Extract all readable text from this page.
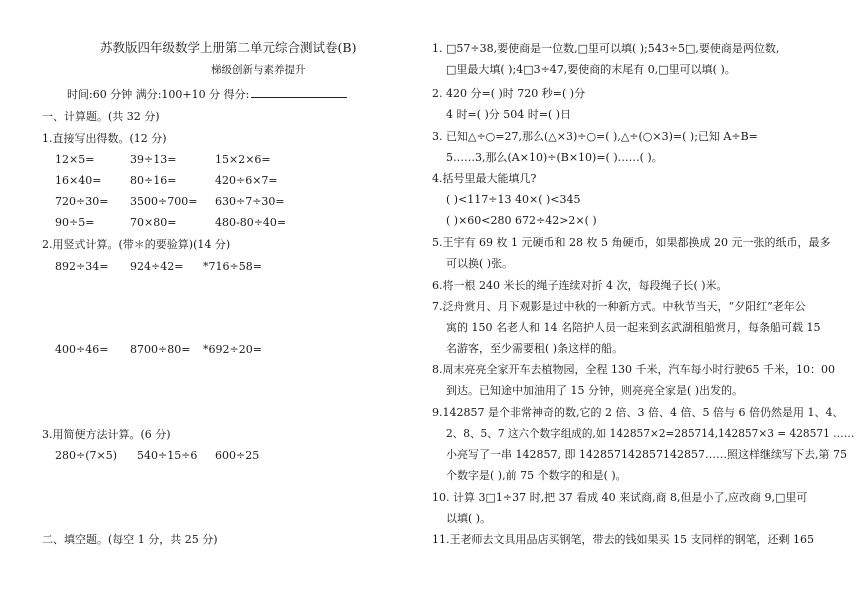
苏教版四年级数学上册第二单元综合测试卷(B)
梯级创新与素养提升
时间:60 分钟 满分:100+10 分 得分:
一、计算题。(共 32 分)
1.直接写出得数。(12 分)
12×5=	39÷13=	15×2×6=
16×40=	80÷16=	420÷6×7=
720÷30= 3500÷700= 630÷7÷30=
90÷5=	70×80=	480-80÷40=
2.用竖式计算。(带＊的要验算)(14 分)
892÷34= 924÷42= *716÷58=
400÷46= 8700÷80= *692÷20=
3.用简便方法计算。(6 分)
280÷(7×5) 540÷15÷6 600÷25
二、填空题。(每空 1 分，共 25 分)
1. □57÷38,要使商是一位数,□里可以填( );543÷5□,要使商是两位数,
□里最大填( );4□3÷47,要使商的末尾有 0,□里可以填( )。
2. 420 分=( )时 720 秒=( )分
4 时=( )分 504 时=( )日
3. 已知△÷○=27,那么(△×3)÷○=( ),△÷(○×3)=( );已知 A÷B=
5……3,那么(A×10)÷(B×10)=( )……( )。
4.括号里最大能填几?
( )<117÷13 40×( )<345
( )×60<280 672÷42>2×( )
5.王宇有 69 枚 1 元硬币和 28 枚 5 角硬币，如果都换成 20 元一张的纸币，最多
可以换( )张。
6.将一根 240 米长的绳子连续对折 4 次，每段绳子长( )米。
7.泛舟赏月、月下观影是过中秋的一种新方式。中秋节当天，“夕阳红”老年公
寓的 150 名老人和 14 名陪护人员一起来到玄武湖租船赏月，每条船可载 15
名游客，至少需要租( )条这样的船。
8.周末亮亮全家开车去植物园，全程 130 千米，汽车每小时行驶65 千米，10：00
到达。已知途中加油用了 15 分钟，则亮亮全家是( )出发的。
9.142857 是个非常神奇的数,它的 2 倍、3 倍、4 倍、5 倍与 6 倍仍然是用 1、4、
2、8、5、7 这六个数字组成的,如 142857×2=285714,142857×3 = 428571 ……
小亮写了一串 142857, 即 142857142857142857……照这样继续写下去,第 75
个数字是( ),前 75 个数字的和是( )。
10. 计算 3□1÷37 时,把 37 看成 40 来试商,商 8,但是小了,应改商 9,□里可
以填( )。
11.王老师去文具用品店买钢笔，带去的钱如果买 15 支同样的钢笔，还剩 165
